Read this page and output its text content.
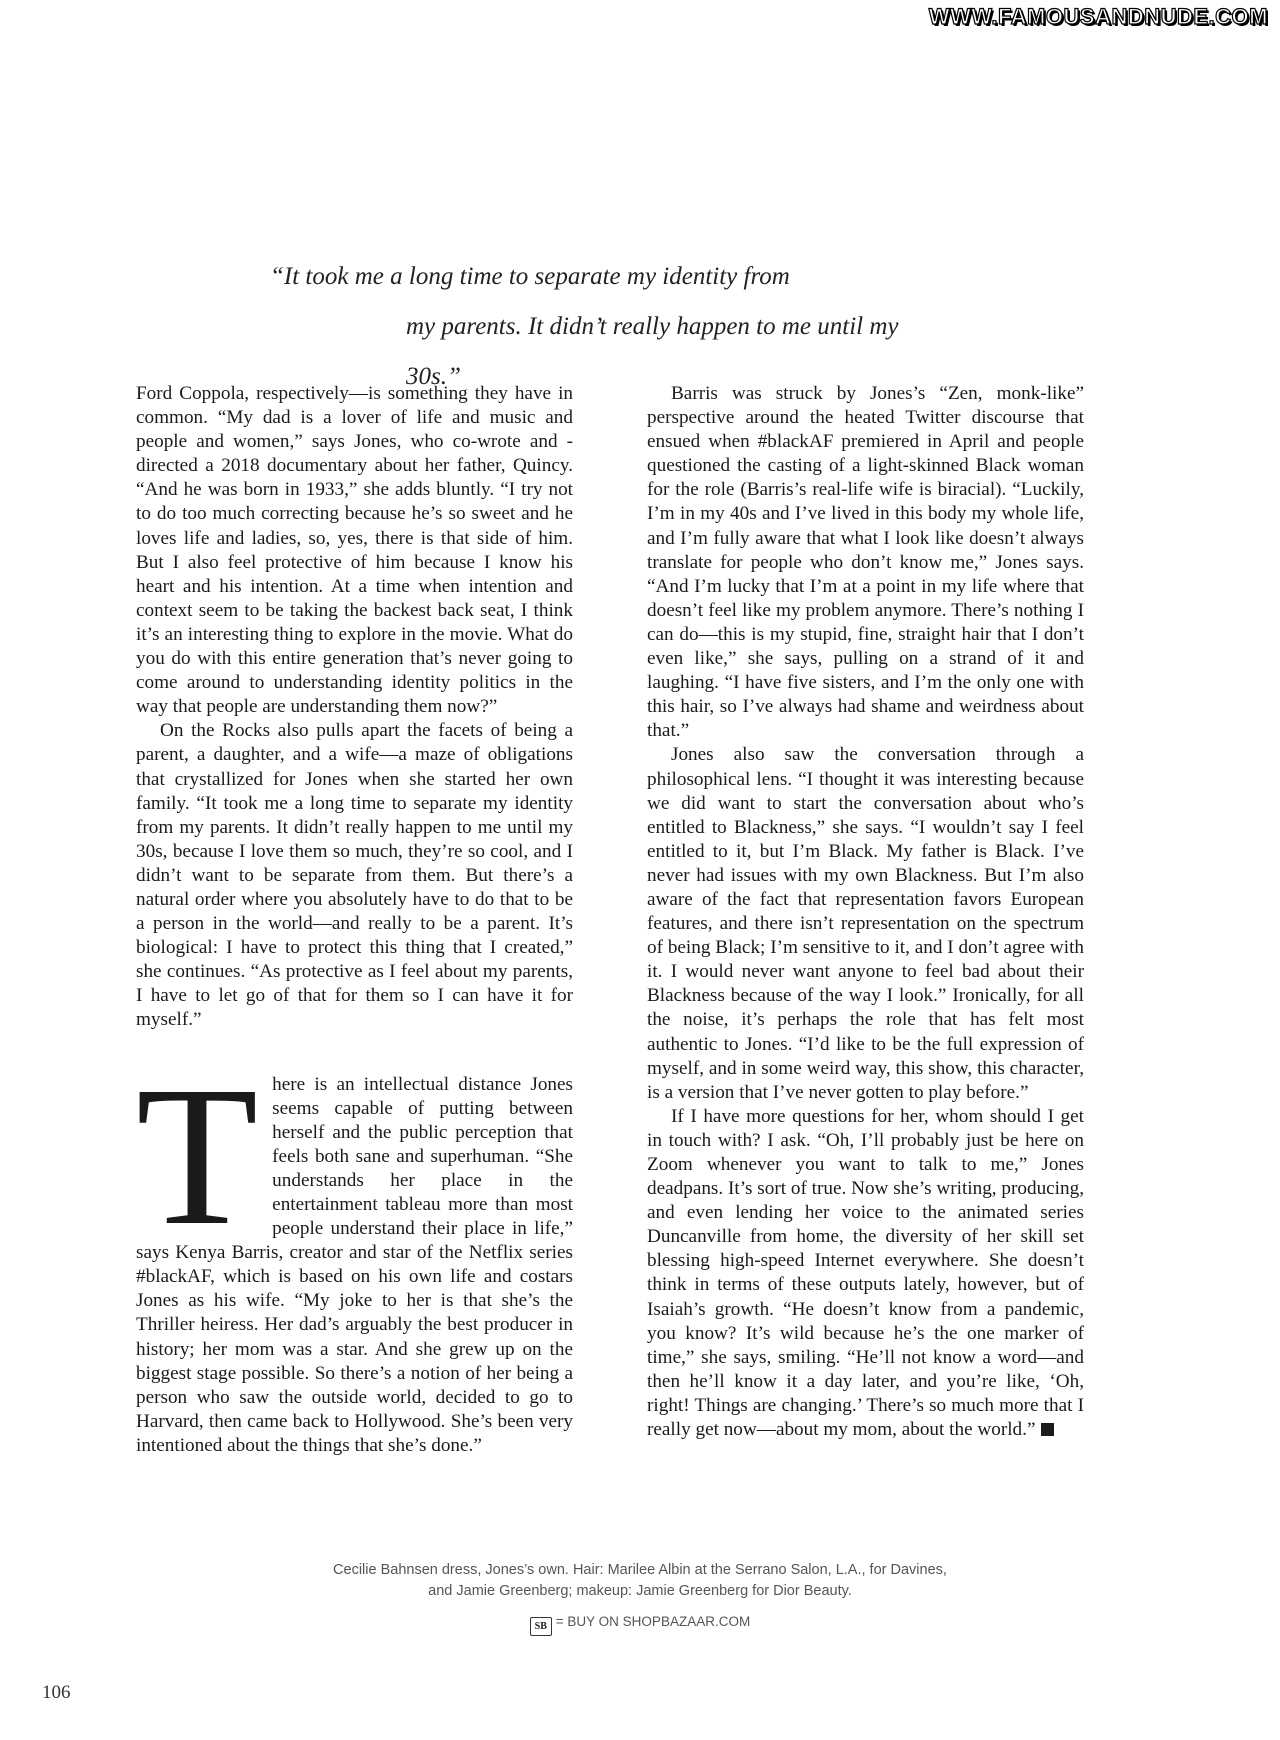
WWW.FAMOUSANDNUDE.COM
“It took me a long time to separate my identity from
my parents. It didn’t really happen to me until my 30s.”

Ford Coppola, respectively—is something they have in common. “My dad is a lover of life and music and people and women,” says Jones, who co-wrote and -directed a 2018 documentary about her father, Quincy. “And he was born in 1933,” she adds bluntly. “I try not to do too much correcting because he’s so sweet and he loves life and ladies, so, yes, there is that side of him. But I also feel protective of him because I know his heart and his intention. At a time when intention and context seem to be taking the backest back seat, I think it’s an interesting thing to explore in the movie. What do you do with this entire generation that’s never going to come around to understanding identity politics in the way that people are understanding them now?”

On the Rocks also pulls apart the facets of being a parent, a daughter, and a wife—a maze of obligations that crystallized for Jones when she started her own family. “It took me a long time to separate my identity from my parents. It didn’t really happen to me until my 30s, because I love them so much, they’re so cool, and I didn’t want to be separate from them. But there’s a natural order where you absolutely have to do that to be a person in the world—and really to be a parent. It’s biological: I have to protect this thing that I created,” she continues. “As protective as I feel about my parents, I have to let go of that for them so I can have it for myself.”

There is an intellectual distance Jones seems capable of putting between herself and the public perception that feels both sane and superhuman. “She understands her place in the entertainment tableau more than most people understand their place in life,” says Kenya Barris, creator and star of the Netflix series #blackAF, which is based on his own life and costars Jones as his wife. “My joke to her is that she’s the Thriller heiress. Her dad’s arguably the best producer in history; her mom was a star. And she grew up on the biggest stage possible. So there’s a notion of her being a person who saw the outside world, decided to go to Harvard, then came back to Hollywood. She’s been very intentioned about the things that she’s done.”

Barris was struck by Jones’s “Zen, monk-like” perspective around the heated Twitter discourse that ensued when #blackAF premiered in April and people questioned the casting of a light-skinned Black woman for the role (Barris’s real-life wife is biracial). “Luckily, I’m in my 40s and I’ve lived in this body my whole life, and I’m fully aware that what I look like doesn’t always translate for people who don’t know me,” Jones says. “And I’m lucky that I’m at a point in my life where that doesn’t feel like my problem anymore. There’s nothing I can do—this is my stupid, fine, straight hair that I don’t even like,” she says, pulling on a strand of it and laughing. “I have five sisters, and I’m the only one with this hair, so I’ve always had shame and weirdness about that.”

Jones also saw the conversation through a philosophical lens. “I thought it was interesting because we did want to start the conversation about who’s entitled to Blackness,” she says. “I wouldn’t say I feel entitled to it, but I’m Black. My father is Black. I’ve never had issues with my own Blackness. But I’m also aware of the fact that representation favors European features, and there isn’t representation on the spectrum of being Black; I’m sensitive to it, and I don’t agree with it. I would never want anyone to feel bad about their Blackness because of the way I look.” Ironically, for all the noise, it’s perhaps the role that has felt most authentic to Jones. “I’d like to be the full expression of myself, and in some weird way, this show, this character, is a version that I’ve never gotten to play before.”

If I have more questions for her, whom should I get in touch with? I ask. “Oh, I’ll probably just be here on Zoom whenever you want to talk to me,” Jones deadpans. It’s sort of true. Now she’s writing, producing, and even lending her voice to the animated series Duncanville from home, the diversity of her skill set blessing high-speed Internet everywhere. She doesn’t think in terms of these outputs lately, however, but of Isaiah’s growth. “He doesn’t know from a pandemic, you know? It’s wild because he’s the one marker of time,” she says, smiling. “He’ll not know a word—and then he’ll know it a day later, and you’re like, ‘Oh, right! Things are changing.’ There’s so much more that I really get now—about my mom, about the world.”

Cecilie Bahnsen dress, Jones’s own. Hair: Marilee Albin at the Serrano Salon, L.A., for Davines,
and Jamie Greenberg; makeup: Jamie Greenberg for Dior Beauty.
SB = BUY ON SHOPBAZAAR.COM
106
